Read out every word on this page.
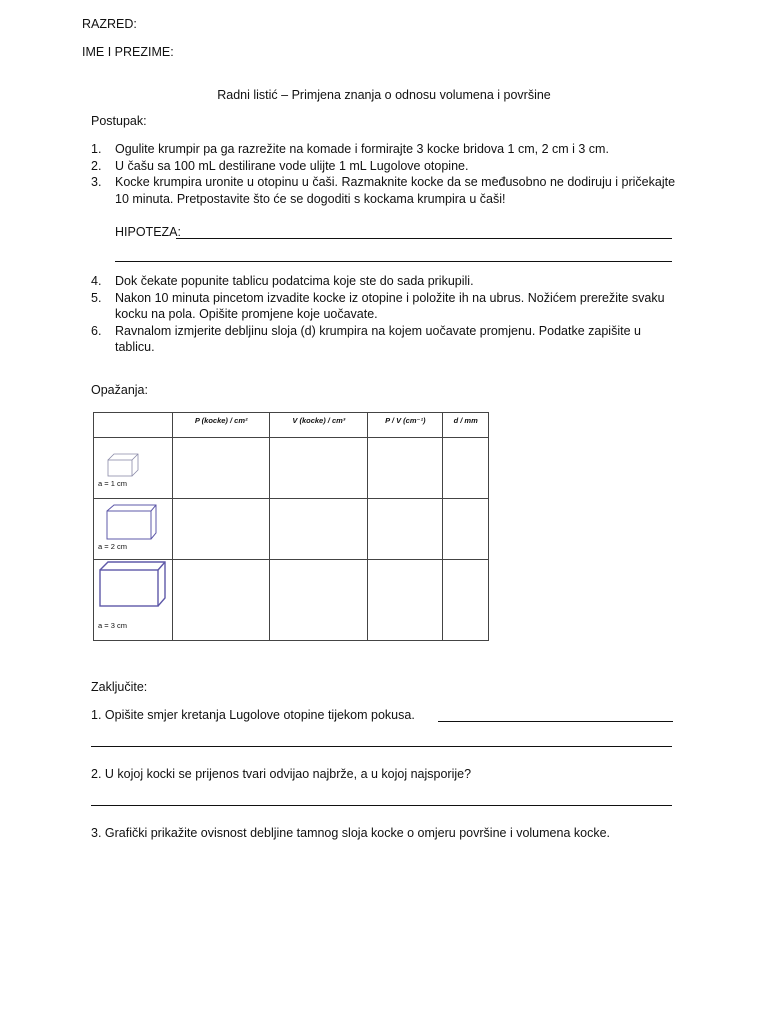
RAZRED:
IME I PREZIME:
Radni listić – Primjena znanja o odnosu volumena i površine
Postupak:
1. Ogulite krumpir pa ga razrežite na komade i formirajte 3 kocke bridova 1 cm, 2 cm i 3 cm.
2. U čašu sa 100 mL destilirane vode ulijte 1 mL Lugolove otopine.
3. Kocke krumpira uronite u otopinu u čaši. Razmaknite kocke da se međusobno ne dodiruju i pričekajte 10 minuta. Pretpostavite što će se dogoditi s kockama krumpira u čaši!
HIPOTEZA:
4. Dok čekate popunite tablicu podatcima koje ste do sada prikupili.
5. Nakon 10 minuta pincetom izvadite kocke iz otopine i položite ih na ubrus. Nožićem prerežite svaku kocku na pola. Opišite promjene koje uočavate.
6. Ravnalom izmjerite debljinu sloja (d) krumpira na kojem uočavate promjenu. Podatke zapišite u tablicu.
Opažanja:
	P (kocke) / cm²	V (kocke) / cm³	P / V (cm⁻¹)	d / mm

a = 1 cm				

a = 2 cm				

a = 3 cm				

Zaključite:
1. Opišite smjer kretanja Lugolove otopine tijekom pokusa.
2. U kojoj kocki se prijenos tvari odvijao najbrže, a u kojoj najsporije?
3. Grafički prikažite ovisnost debljine tamnog sloja kocke o omjeru površine i volumena kocke.
